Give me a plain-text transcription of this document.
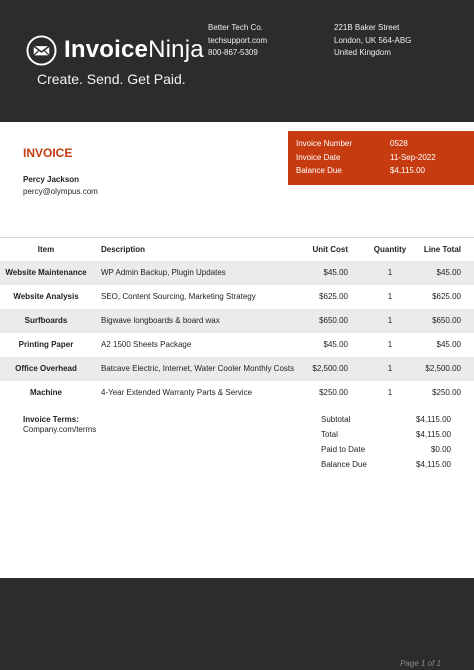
InvoiceNinja
Create. Send. Get Paid.
Better Tech Co.
techsupport.com
800-867-5309
221B Baker Street
London, UK 564-ABG
United Kingdom
INVOICE
Percy Jackson
percy@olympus.com
Invoice Number	0528
Invoice Date	11-Sep-2022
Balance Due	$4,115.00
Item	Description	Unit Cost	Quantity Line Total
Website Maintenance	WP Admin Backup, Plugin Updates	$45.00	1	$45.00
Website Analysis	SEO, Content Sourcing, Marketing Strategy	$625.00	1	$625.00
Surfboards	Bigwave longboards & board wax	$650.00	1	$650.00
Printing Paper	A2 1500 Sheets Package	$45.00	1	$45.00
Office Overhead	Batcave Electric, Internet, Water Cooler Monthly Costs $2,500.00	1	$2,500.00
Machine	4-Year Extended Warranty Parts & Service	$250.00	1	$250.00
Invoice Terms:
Company.com/terms
Subtotal	$4,115.00
Total	$4,115.00
Paid to Date	$0.00
Balance Due	$4,115.00
Page 1 of 1
